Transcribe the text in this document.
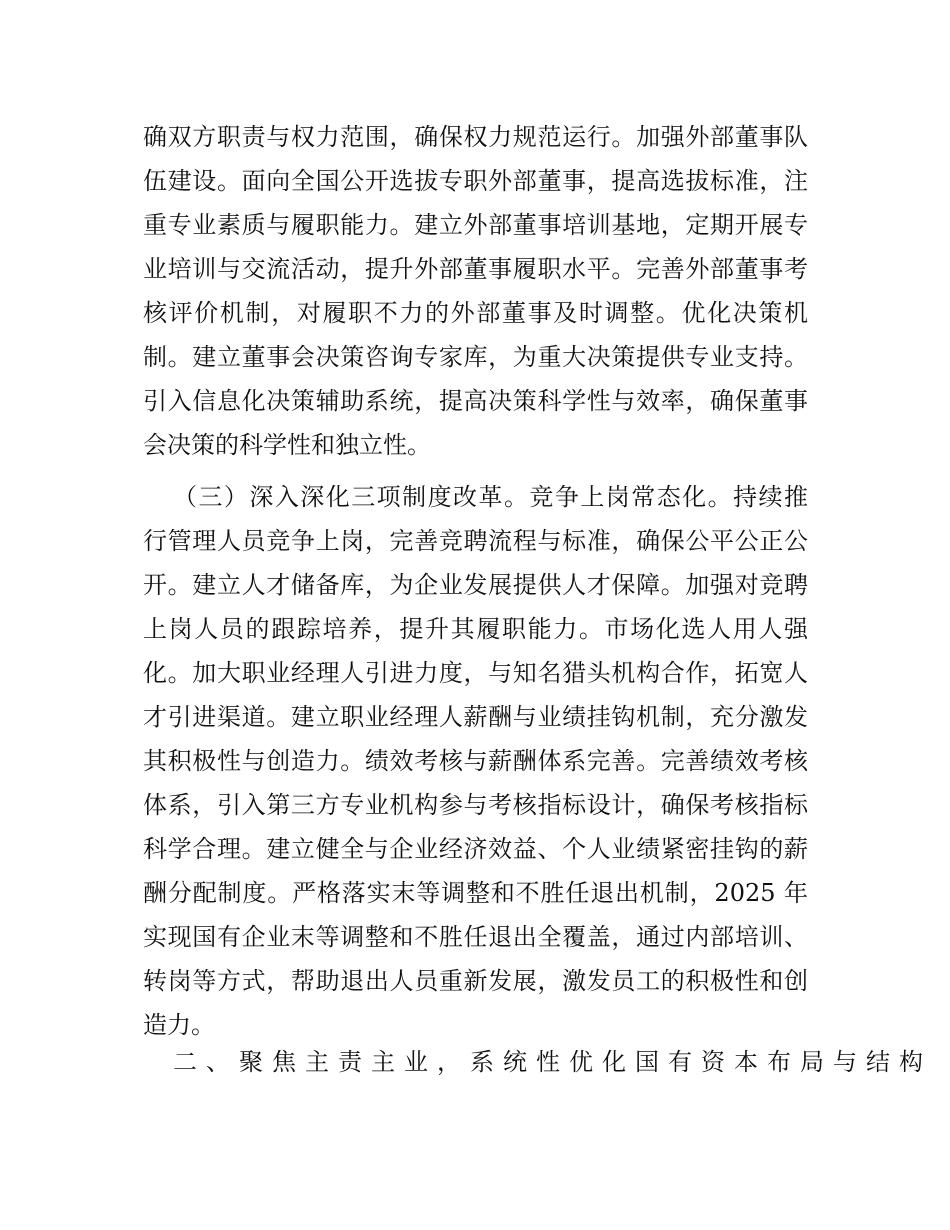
确双方职责与权力范围，确保权力规范运行。加强外部董事队
伍建设。面向全国公开选拔专职外部董事，提高选拔标准，注
重专业素质与履职能力。建立外部董事培训基地，定期开展专
业培训与交流活动，提升外部董事履职水平。完善外部董事考
核评价机制，对履职不力的外部董事及时调整。优化决策机
制。建立董事会决策咨询专家库，为重大决策提供专业支持。
引入信息化决策辅助系统，提高决策科学性与效率，确保董事
会决策的科学性和独立性。
（三）深入深化三项制度改革。竞争上岗常态化。持续推
行管理人员竞争上岗，完善竞聘流程与标准，确保公平公正公
开。建立人才储备库，为企业发展提供人才保障。加强对竞聘
上岗人员的跟踪培养，提升其履职能力。市场化选人用人强
化。加大职业经理人引进力度，与知名猎头机构合作，拓宽人
才引进渠道。建立职业经理人薪酬与业绩挂钩机制，充分激发
其积极性与创造力。绩效考核与薪酬体系完善。完善绩效考核
体系，引入第三方专业机构参与考核指标设计，确保考核指标
科学合理。建立健全与企业经济效益、个人业绩紧密挂钩的薪
酬分配制度。严格落实末等调整和不胜任退出机制，2025 年
实现国有企业末等调整和不胜任退出全覆盖，通过内部培训、
转岗等方式，帮助退出人员重新发展，激发员工的积极性和创
造力。
二、聚焦主责主业，系统性优化国有资本布局与结构
